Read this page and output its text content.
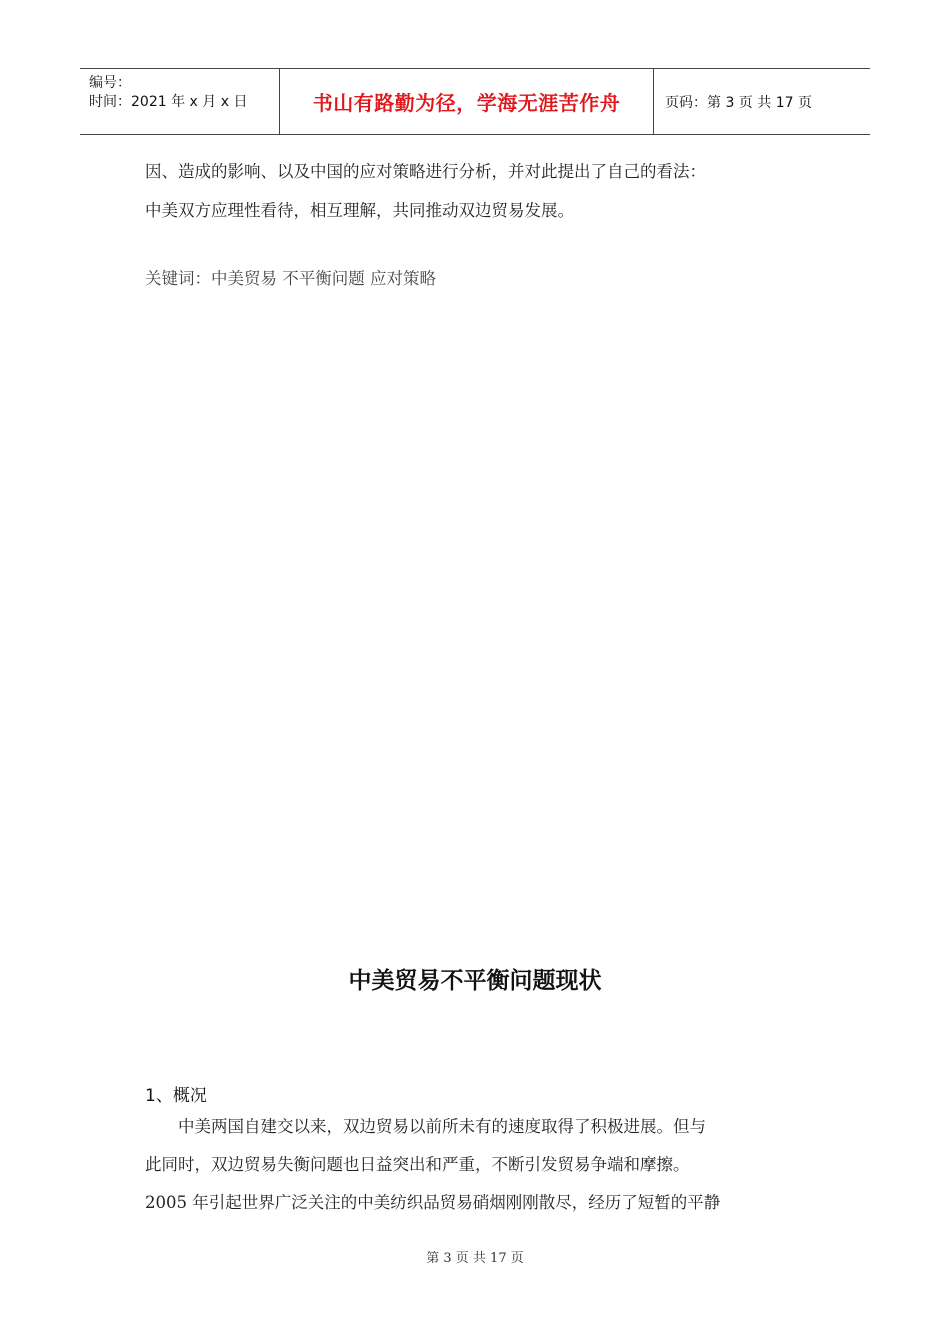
编号：
时间：2021 年 x 月 x 日	书山有路勤为径，学海无涯苦作舟	页码：第 3 页 共 17 页
因、造成的影响、以及中国的应对策略进行分析，并对此提出了自己的看法：
中美双方应理性看待，相互理解，共同推动双边贸易发展。
关键词：中美贸易 不平衡问题 应对策略
中美贸易不平衡问题现状
1、概况
　　中美两国自建交以来，双边贸易以前所未有的速度取得了积极进展。但与
此同时，双边贸易失衡问题也日益突出和严重，不断引发贸易争端和摩擦。
2005 年引起世界广泛关注的中美纺织品贸易硝烟刚刚散尽，经历了短暂的平静
第 3 页 共 17 页
